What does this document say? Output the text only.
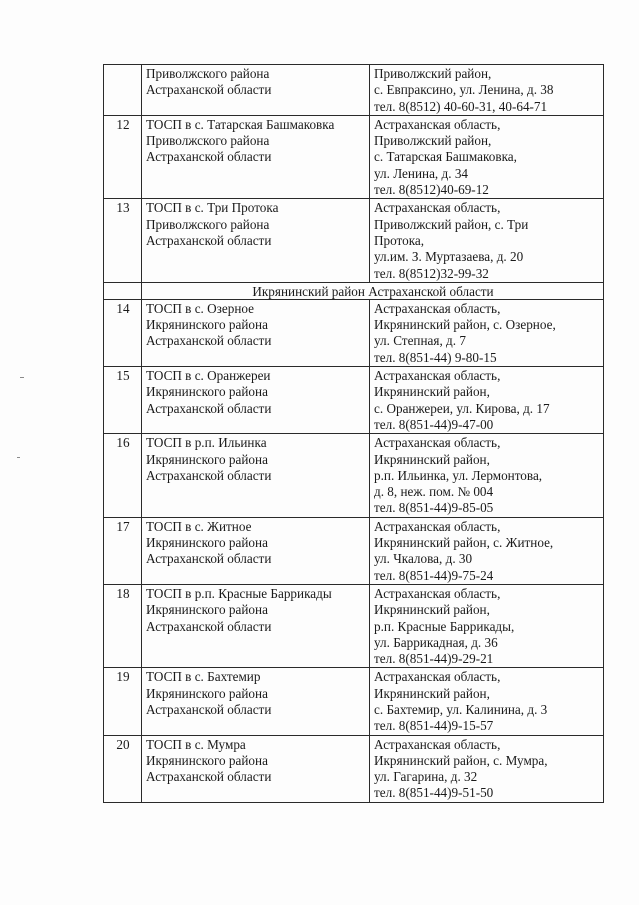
	Приволжского района
Астраханской области	Приволжский район,
с. Евпраксино, ул. Ленина, д. 38
тел. 8(8512) 40-60-31, 40-64-71

12	ТОСП в с. Татарская Башмаковка
Приволжского района
Астраханской области	Астраханская область,
Приволжский район,
с. Татарская Башмаковка,
ул. Ленина, д. 34
тел. 8(8512)40-69-12

13	ТОСП в с. Три Протока
Приволжского района
Астраханской области	Астраханская область,
Приволжский район, с. Три
Протока,
ул.им. З. Муртазаева, д. 20
тел. 8(8512)32-99-32

	Икрянинский район Астраханской области	
14	ТОСП в с. Озерное
Икрянинского района
Астраханской области	Астраханская область,
Икрянинский район, с. Озерное,
ул. Степная, д. 7
тел. 8(851-44) 9-80-15

15	ТОСП в с. Оранжереи
Икрянинского района
Астраханской области	Астраханская область,
Икрянинский район,
с. Оранжереи, ул. Кирова, д. 17
тел. 8(851-44)9-47-00

16	ТОСП в р.п. Ильинка
Икрянинского района
Астраханской области	Астраханская область,
Икрянинский район,
р.п. Ильинка, ул. Лермонтова,
д. 8, неж. пом. № 004
тел. 8(851-44)9-85-05

17	ТОСП в с. Житное
Икрянинского района
Астраханской области	Астраханская область,
Икрянинский район, с. Житное,
ул. Чкалова, д. 30
тел. 8(851-44)9-75-24

18	ТОСП в р.п. Красные Баррикады
Икрянинского района
Астраханской области	Астраханская область,
Икрянинский район,
р.п. Красные Баррикады,
ул. Баррикадная, д. 36
тел. 8(851-44)9-29-21

19	ТОСП в с. Бахтемир
Икрянинского района
Астраханской области	Астраханская область,
Икрянинский район,
с. Бахтемир, ул. Калинина, д. 3
тел. 8(851-44)9-15-57

20	ТОСП в с. Мумра
Икрянинского района
Астраханской области	Астраханская область,
Икрянинский район, с. Мумра,
ул. Гагарина, д. 32
тел. 8(851-44)9-51-50
